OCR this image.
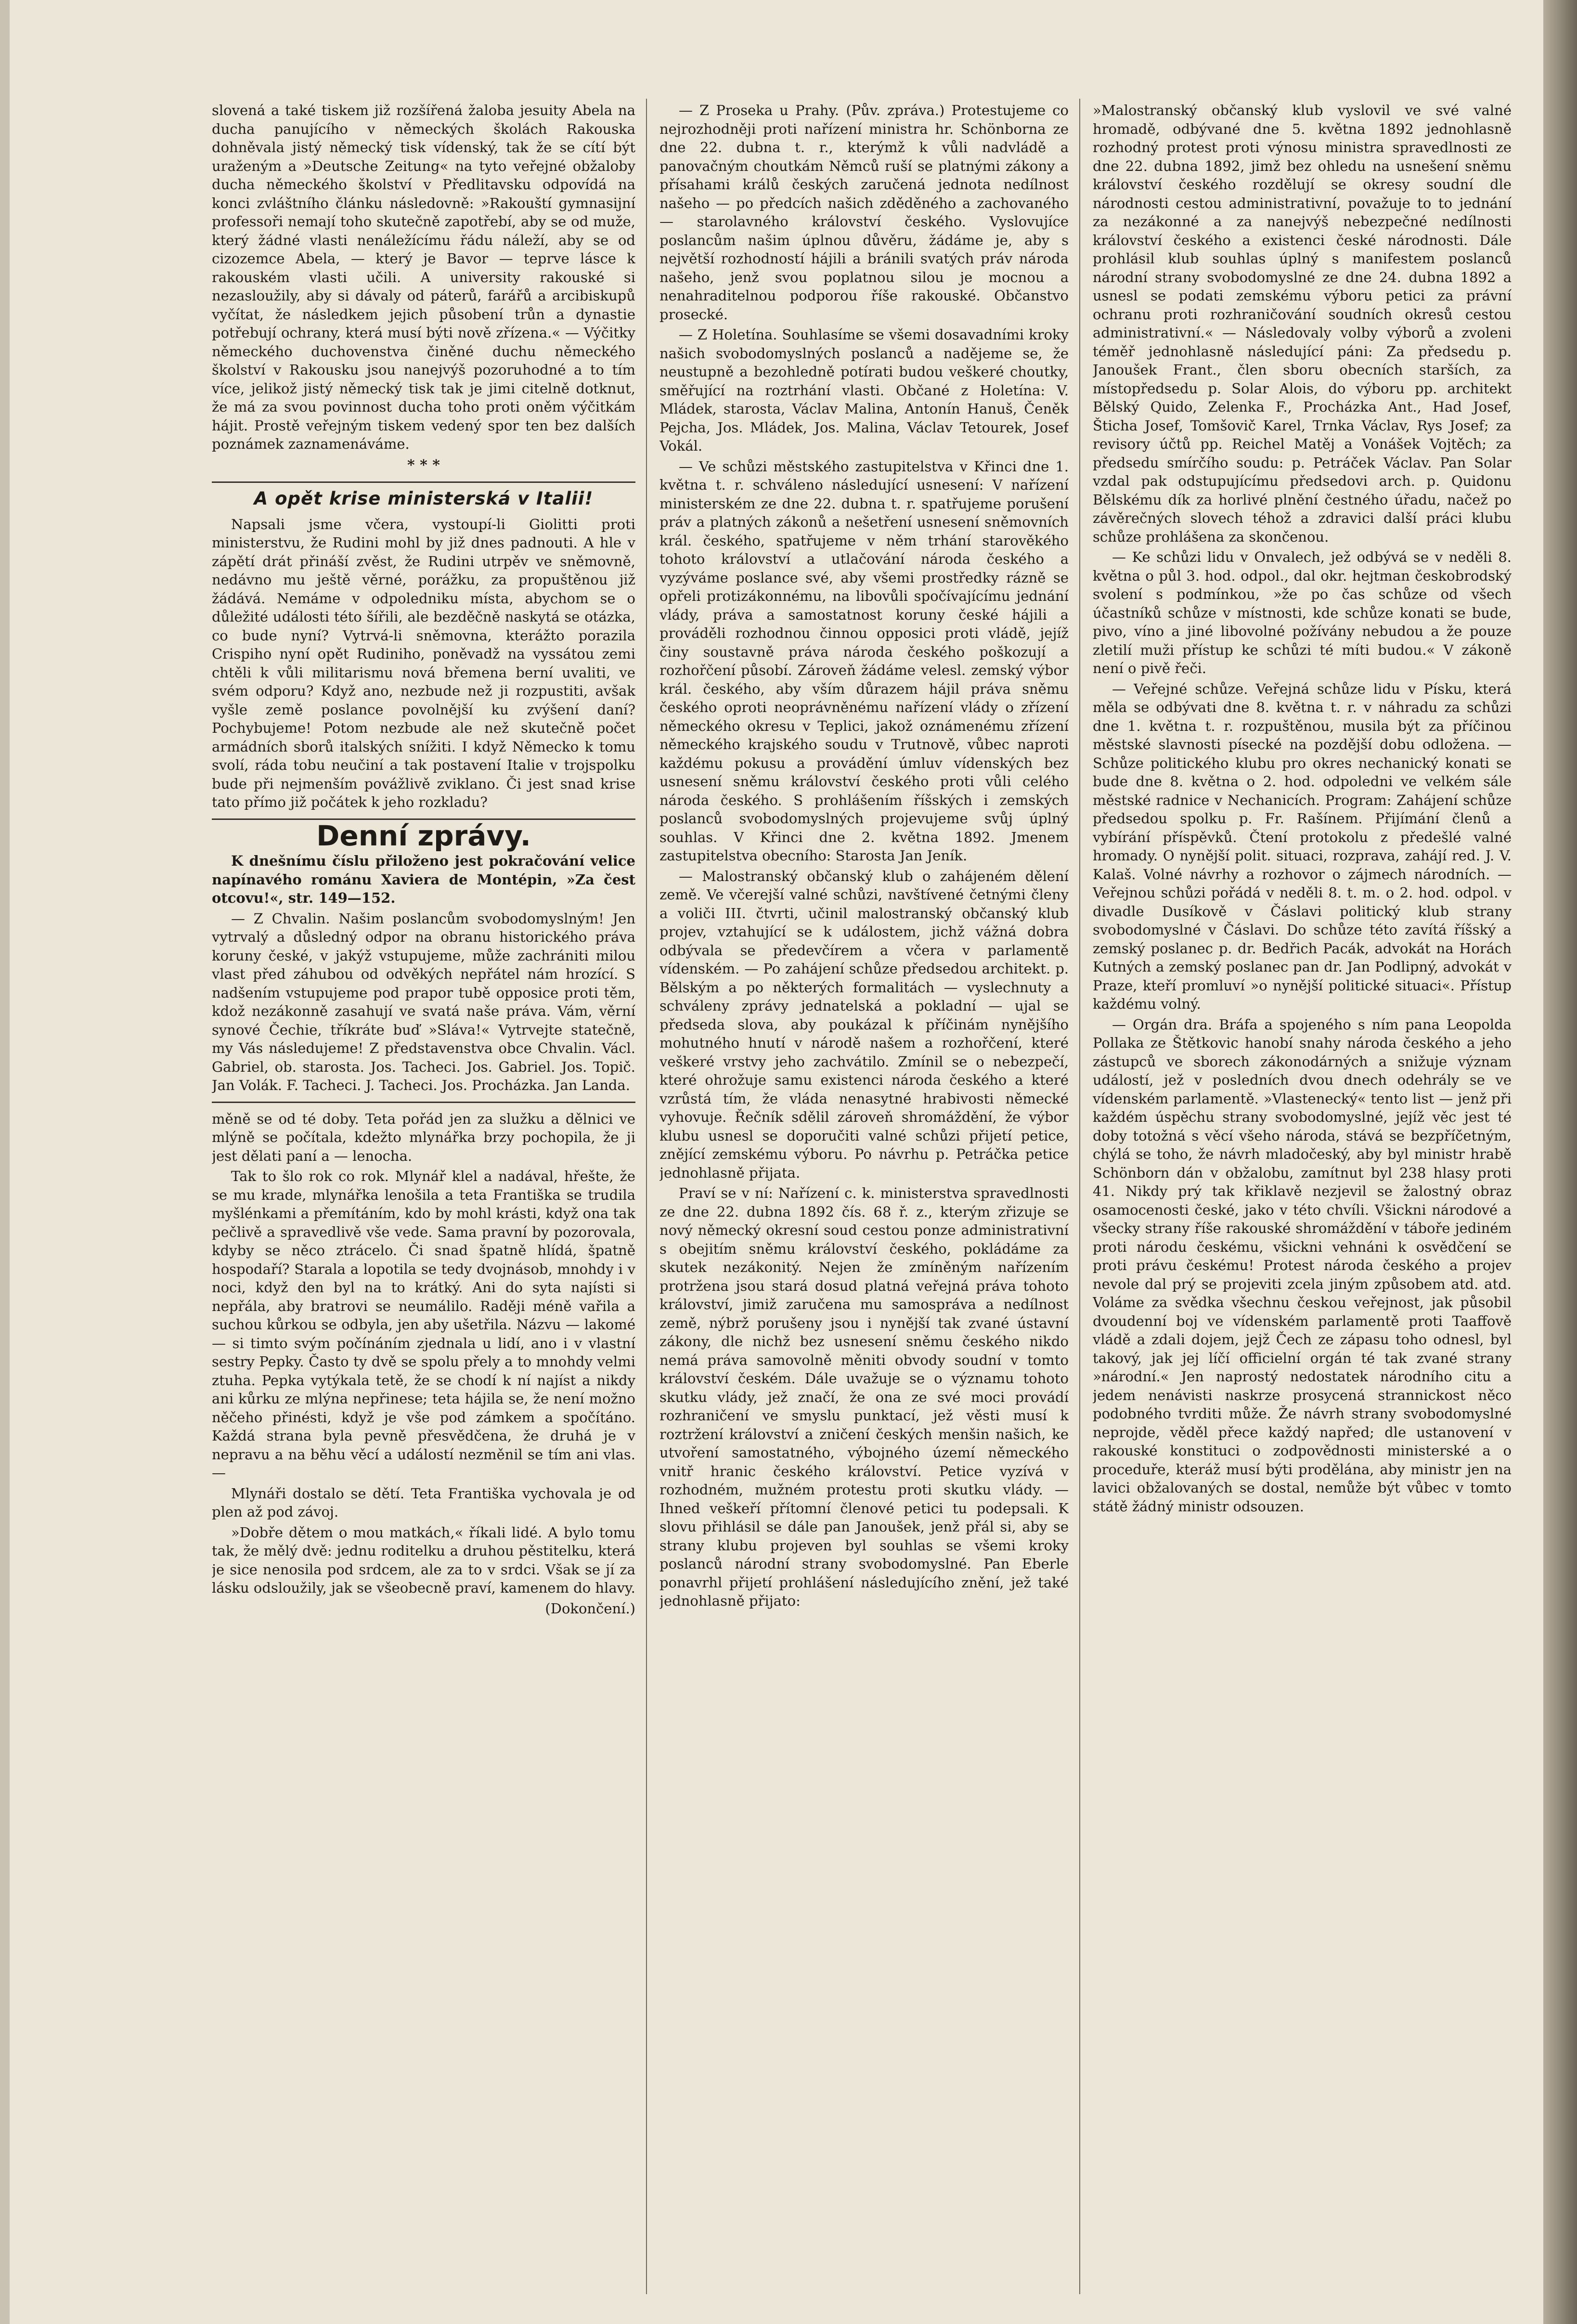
slovená a také tiskem již rozšířená žaloba jesuity Abela na ducha panujícího v německých školách Rakouska dohněvala jistý německý tisk vídenský, tak že se cítí být uraženým a »Deutsche Zeitung« na tyto veřejné obžaloby ducha německého školství v Předlitavsku odpovídá na konci zvláštního článku následovně: »Rakouští gymnasijní professoři nemají toho skutečně zapotřebí, aby se od muže, který žádné vlasti nenáležícímu řádu náleží, aby se od cizozemce Abela, — který je Bavor — teprve lásce k rakouském vlasti učili. A university rakouské si nezasloužily, aby si dávaly od páterů, farářů a arcibiskupů vyčítat, že následkem jejich působení trůn a dynastie potřebují ochrany, která musí býti nově zřízena.« — Výčitky německého duchovenstva činěné duchu německého školství v Rakousku jsou nanejvýš pozoruhodné a to tím více, jelikož jistý německý tisk tak je jimi citelně dotknut, že má za svou povinnost ducha toho proti oněm výčitkám hájit. Prostě veřejným tiskem vedený spor ten bez dalších poznámek zaznamenáváme.

* * *
A opět krise ministerská v Italii!

Napsali jsme včera, vystoupí-li Giolitti proti ministerstvu, že Rudini mohl by již dnes padnouti. A hle v zápětí drát přináší zvěst, že Rudini utrpěv ve sněmovně, nedávno mu ještě věrné, porážku, za propuštěnou již žádává. Nemáme v odpoledniku místa, abychom se o důležité události této šířili, ale bezděčně naskytá se otázka, co bude nyní? Vytrvá-li sněmovna, kterážto porazila Crispiho nyní opět Rudiniho, poněvadž na vyssátou zemi chtěli k vůli militarismu nová břemena berní uvaliti, ve svém odporu? Když ano, nezbude než ji rozpustiti, avšak vyšle země poslance povolnější ku zvýšení daní? Pochybujeme! Potom nezbude ale než skutečně počet armádních sborů italských snížiti. I když Německo k tomu svolí, ráda tobu neučiní a tak postavení Italie v trojspolku bude při nejmenším povážlivě zviklano. Či jest snad krise tato přímo již počátek k jeho rozkladu?

Denní zprávy.

K dnešnímu číslu přiloženo jest pokračování velice napínavého románu Xaviera de Montépin, »Za čest otcovu!«, str. 149—152.

— Z Chvalin. Našim poslancům svobodomyslným! Jen vytrvalý a důsledný odpor na obranu historického práva koruny české, v jakýž vstupujeme, může zachrániti milou vlast před záhubou od odvěkých nepřátel nám hrozící. S nadšením vstupujeme pod prapor tubě opposice proti těm, kdož nezákonně zasahují ve svatá naše práva. Vám, věrní synové Čechie, tříkráte buď »Sláva!« Vytrvejte statečně, my Vás následujeme! Z představenstva obce Chvalin. Václ. Gabriel, ob. starosta. Jos. Tacheci. Jos. Gabriel. Jos. Topič. Jan Volák. F. Tacheci. J. Tacheci. Jos. Procházka. Jan Landa.

měně se od té doby. Teta pořád jen za služku a dělnici ve mlýně se počítala, kdežto mlynářka brzy pochopila, že ji jest dělati paní a — lenocha.

Tak to šlo rok co rok. Mlynář klel a nadával, hřešte, že se mu krade, mlynářka lenošila a teta Františka se trudila myšlénkami a přemítáním, kdo by mohl krásti, když ona tak pečlivě a spravedlivě vše vede. Sama pravní by pozorovala, kdyby se něco ztrácelo. Či snad špatně hlídá, špatně hospodaří? Starala a lopotila se tedy dvojnásob, mnohdy i v noci, když den byl na to krátký. Ani do syta najísti si nepřála, aby bratrovi se neumálilo. Raději méně vařila a suchou kůrkou se odbyla, jen aby ušetřila. Názvu — lakomé — si timto svým počínáním zjednala u lidí, ano i v vlastní sestry Pepky. Často ty dvě se spolu přely a to mnohdy velmi ztuha. Pepka vytýkala tetě, že se chodí k ní najíst a nikdy ani kůrku ze mlýna nepřinese; teta hájila se, že není možno něčeho přinésti, když je vše pod zámkem a spočítáno. Každá strana byla pevně přesvědčena, že druhá je v nepravu a na běhu věcí a událostí nezměnil se tím ani vlas. —

Mlynáři dostalo se dětí. Teta Františka vychovala je od plen až pod závoj.

»Dobře dětem o mou matkách,« říkali lidé. A bylo tomu tak, že mělý dvě: jednu roditelku a druhou pěstitelku, která je sice nenosila pod srdcem, ale za to v srdci. Však se jí za lásku odsloužily, jak se všeobecně praví, kamenem do hlavy.

(Dokončení.)

— Z Proseka u Prahy. (Pův. zpráva.) Protestujeme co nejrozhodněji proti nařízení ministra hr. Schönborna ze dne 22. dubna t. r., kterýmž k vůli nadvládě a panovačným choutkám Němců ruší se platnými zákony a přísahami králů českých zaručená jednota nedílnost našeho — po předcích našich zděděného a zachovaného — starolavného království českého. Vyslovujíce poslancům našim úplnou důvěru, žádáme je, aby s největší rozhodností hájili a bránili svatých práv národa našeho, jenž svou poplatnou silou je mocnou a nenahraditelnou podporou říše rakouské. Občanstvo prosecké.

— Z Holetína. Souhlasíme se všemi dosavadními kroky našich svobodomyslných poslanců a nadějeme se, že neustupně a bezohledně potírati budou veškeré choutky, směřující na roztrhání vlasti. Občané z Holetína: V. Mládek, starosta, Václav Malina, Antonín Hanuš, Čeněk Pejcha, Jos. Mládek, Jos. Malina, Václav Tetourek, Josef Vokál.

— Ve schůzi městského zastupitelstva v Křinci dne 1. května t. r. schváleno následující usnesení: V nařízení ministerském ze dne 22. dubna t. r. spatřujeme porušení práv a platných zákonů a nešetření usnesení sněmovních král. českého, spatřujeme v něm trhání starověkého tohoto království a utlačování národa českého a vyzýváme poslance své, aby všemi prostředky rázně se opřeli protizákonnému, na libovůli spočívajícímu jednání vlády, práva a samostatnost koruny české hájili a prováděli rozhodnou činnou opposici proti vládě, jejíž činy soustavně práva národa českého poškozují a rozhořčení působí. Zároveň žádáme velesl. zemský výbor král. českého, aby vším důrazem hájil práva sněmu českého oproti neoprávněnému nařízení vlády o zřízení německého okresu v Teplici, jakož oznámenému zřízení německého krajského soudu v Trutnově, vůbec naproti každému pokusu a provádění úmluv vídenských bez usnesení sněmu království českého proti vůli celého národa českého. S prohlášením říšských i zemských poslanců svobodomyslných projevujeme svůj úplný souhlas. V Křinci dne 2. května 1892. Jmenem zastupitelstva obecního: Starosta Jan Jeník.

— Malostranský občanský klub o zahájeném dělení země. Ve včerejší valné schůzi, navštívené četnými členy a voliči III. čtvrti, učinil malostranský občanský klub projev, vztahující se k událostem, jichž vážná dobra odbývala se předevčírem a včera v parlamentě vídenském. — Po zahájení schůze předsedou architekt. p. Bělským a po některých formalitách — vyslechnuty a schváleny zprávy jednatelská a pokladní — ujal se předseda slova, aby poukázal k příčinám nynějšího mohutného hnutí v národě našem a rozhořčení, které veškeré vrstvy jeho zachvátilo. Zmínil se o nebezpečí, které ohrožuje samu existenci národa českého a které vzrůstá tím, že vláda nenasytné hrabivosti německé vyhovuje. Řečník sdělil zároveň shromáždění, že výbor klubu usnesl se doporučiti valné schůzi přijetí petice, znějící zemskému výboru. Po návrhu p. Petráčka petice jednohlasně přijata.

Praví se v ní: Nařízení c. k. ministerstva spravedlnosti ze dne 22. dubna 1892 čís. 68 ř. z., kterým zřizuje se nový německý okresní soud cestou ponze administrativní s obejitím sněmu království českého, pokládáme za skutek nezákonitý. Nejen že zmíněným nařízením protržena jsou stará dosud platná veřejná práva tohoto království, jimiž zaručena mu samospráva a nedílnost země, nýbrž porušeny jsou i nynější tak zvané ústavní zákony, dle nichž bez usnesení sněmu českého nikdo nemá práva samovolně měniti obvody soudní v tomto království českém. Dále uvažuje se o významu tohoto skutku vlády, jež značí, že ona ze své moci provádí rozhraničení ve smyslu punktací, jež věsti musí k roztržení království a zničení českých menšin našich, ke utvoření samostatného, výbojného území německého vnitř hranic českého království. Petice vyzívá v rozhodném, mužném protestu proti skutku vlády. — Ihned veškeří přítomní členové petici tu podepsali. K slovu přihlásil se dále pan Janoušek, jenž přál si, aby se strany klubu projeven byl souhlas se všemi kroky poslanců národní strany svobodomyslné. Pan Eberle ponavrhl přijetí prohlášení následujícího znění, jež také jednohlasně přijato:

»Malostranský občanský klub vyslovil ve své valné hromadě, odbývané dne 5. května 1892 jednohlasně rozhodný protest proti výnosu ministra spravedlnosti ze dne 22. dubna 1892, jimž bez ohledu na usnešení sněmu království českého rozdělují se okresy soudní dle národnosti cestou administrativní, považuje to to jednání za nezákonné a za nanejvýš nebezpečné nedílnosti království českého a existenci české národnosti. Dále prohlásil klub souhlas úplný s manifestem poslanců národní strany svobodomyslné ze dne 24. dubna 1892 a usnesl se podati zemskému výboru petici za právní ochranu proti rozhraničování soudních okresů cestou administrativní.« — Následovaly volby výborů a zvoleni téměř jednohlasně následující páni: Za předsedu p. Janoušek Frant., člen sboru obecních starších, za místopředsedu p. Solar Alois, do výboru pp. architekt Bělský Quido, Zelenka F., Procházka Ant., Had Josef, Šticha Josef, Tomšovič Karel, Trnka Václav, Rys Josef; za revisory účtů pp. Reichel Matěj a Vonášek Vojtěch; za předsedu smírčího soudu: p. Petráček Václav. Pan Solar vzdal pak odstupujícímu předsedovi arch. p. Quidonu Bělskému dík za horlivé plnění čestného úřadu, načež po závěrečných slovech téhož a zdravici další práci klubu schůze prohlášena za skončenou.

— Ke schůzi lidu v Onvalech, jež odbývá se v neděli 8. května o půl 3. hod. odpol., dal okr. hejtman českobrodský svolení s podmínkou, »že po čas schůze od všech účastníků schůze v místnosti, kde schůze konati se bude, pivo, víno a jiné libovolné požívány nebudou a že pouze zletilí muži přístup ke schůzi té míti budou.« V zákoně není o pivě řeči.

— Veřejné schůze. Veřejná schůze lidu v Písku, která měla se odbývati dne 8. května t. r. v náhradu za schůzi dne 1. května t. r. rozpuštěnou, musila být za příčinou městské slavnosti písecké na pozdější dobu odložena. — Schůze politického klubu pro okres nechanický konati se bude dne 8. května o 2. hod. odpoledni ve velkém sále městské radnice v Nechanicích. Program: Zahájení schůze předsedou spolku p. Fr. Rašínem. Přijímání členů a vybírání příspěvků. Čtení protokolu z předešlé valné hromady. O nynější polit. situaci, rozprava, zahájí red. J. V. Kalaš. Volné návrhy a rozhovor o zájmech národních. — Veřejnou schůzi pořádá v neděli 8. t. m. o 2. hod. odpol. v divadle Dusíkově v Čáslavi politický klub strany svobodomyslné v Čáslavi. Do schůze této zavítá říšský a zemský poslanec p. dr. Bedřich Pacák, advokát na Horách Kutných a zemský poslanec pan dr. Jan Podlipný, advokát v Praze, kteří promluví »o nynější politické situaci«. Přístup každému volný.

— Orgán dra. Bráfa a spojeného s ním pana Leopolda Pollaka ze Štětkovic hanobí snahy národa českého a jeho zástupců ve sborech zákonodárných a snižuje význam událostí, jež v posledních dvou dnech odehrály se ve vídenském parlamentě. »Vlastenecký« tento list — jenž při každém úspěchu strany svobodomyslné, jejíž věc jest té doby totožná s věcí všeho národa, stává se bezpříčetným, chýlá se toho, že návrh mladočeský, aby byl ministr hrabě Schönborn dán v obžalobu, zamítnut byl 238 hlasy proti 41. Nikdy prý tak křiklavě nezjevil se žalostný obraz osamocenosti české, jako v této chvíli. Všickni národové a všecky strany říše rakouské shromáždění v táboře jediném proti národu českému, všickni vehnáni k osvědčení se proti právu českému! Protest národa českého a projev nevole dal prý se projeviti zcela jiným způsobem atd. atd. Voláme za svědka všechnu českou veřejnost, jak působil dvoudenní boj ve vídenském parlamentě proti Taaffově vládě a zdali dojem, jejž Čech ze zápasu toho odnesl, byl takový, jak jej líčí officielní orgán té tak zvané strany »národní.« Jen naprostý nedostatek národního citu a jedem nenávisti naskrze prosycená strannickost něco podobného tvrditi může. Že návrh strany svobodomyslné neprojde, věděl přece každý napřed; dle ustanovení v rakouské konstituci o zodpovědnosti ministerské a o proceduře, kteráž musí býti prodělána, aby ministr jen na lavici obžalovaných se dostal, nemůže být vůbec v tomto státě žádný ministr odsouzen.
